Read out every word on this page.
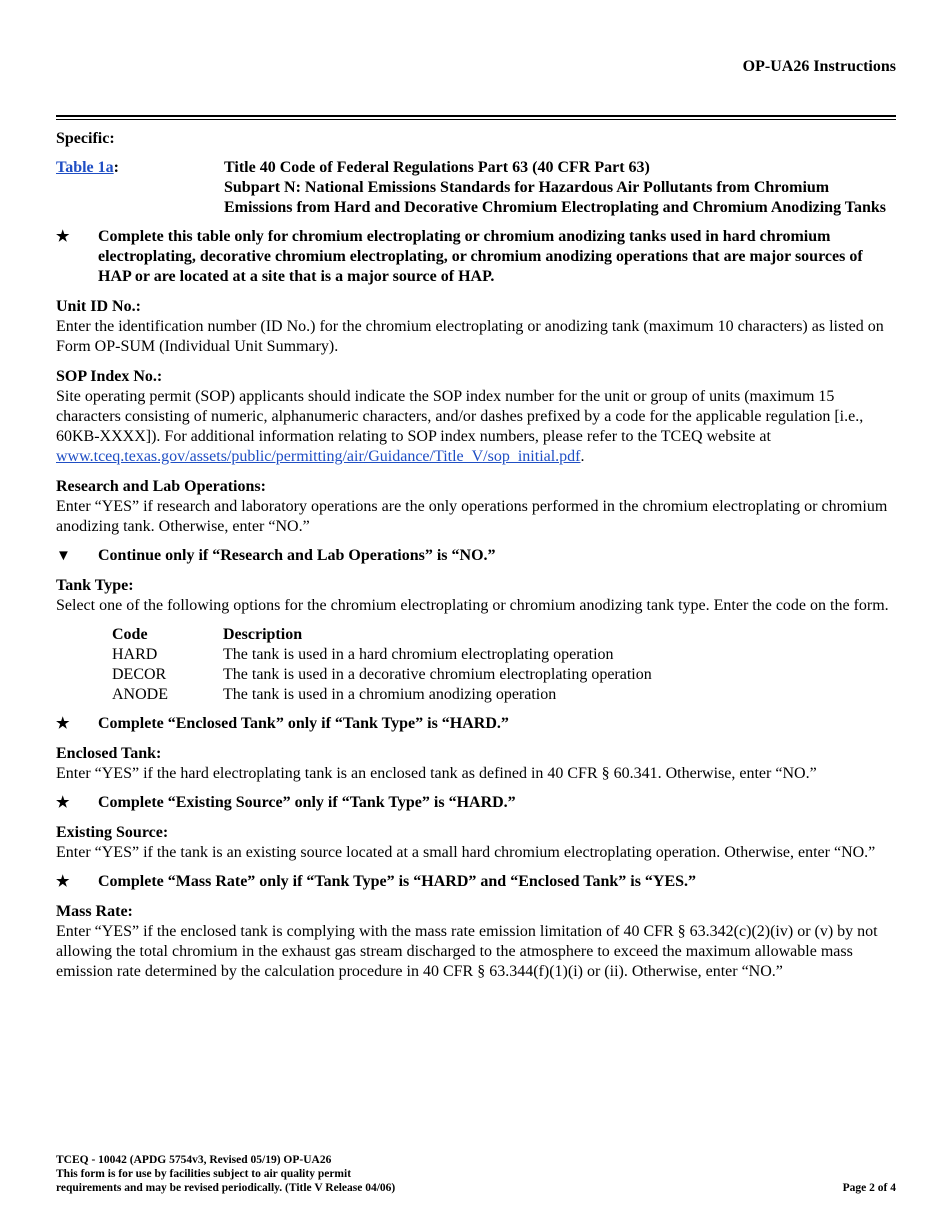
OP-UA26 Instructions
Specific:
Table 1a:	Title 40 Code of Federal Regulations Part 63 (40 CFR Part 63)
Subpart N: National Emissions Standards for Hazardous Air Pollutants from Chromium Emissions from Hard and Decorative Chromium Electroplating and Chromium Anodizing Tanks
★	Complete this table only for chromium electroplating or chromium anodizing tanks used in hard chromium electroplating, decorative chromium electroplating, or chromium anodizing operations that are major sources of HAP or are located at a site that is a major source of HAP.
Unit ID No.:
Enter the identification number (ID No.) for the chromium electroplating or anodizing tank (maximum 10 characters) as listed on Form OP-SUM (Individual Unit Summary).
SOP Index No.:
Site operating permit (SOP) applicants should indicate the SOP index number for the unit or group of units (maximum 15 characters consisting of numeric, alphanumeric characters, and/or dashes prefixed by a code for the applicable regulation [i.e., 60KB-XXXX]). For additional information relating to SOP index numbers, please refer to the TCEQ website at www.tceq.texas.gov/assets/public/permitting/air/Guidance/Title_V/sop_initial.pdf.
Research and Lab Operations:
Enter “YES” if research and laboratory operations are the only operations performed in the chromium electroplating or chromium anodizing tank. Otherwise, enter “NO.”
▼	Continue only if “Research and Lab Operations” is “NO.”
Tank Type:
Select one of the following options for the chromium electroplating or chromium anodizing tank type. Enter the code on the form.
Code	Description
HARD	The tank is used in a hard chromium electroplating operation
DECOR	The tank is used in a decorative chromium electroplating operation
ANODE	The tank is used in a chromium anodizing operation
★	Complete “Enclosed Tank” only if “Tank Type” is “HARD.”
Enclosed Tank:
Enter “YES” if the hard electroplating tank is an enclosed tank as defined in 40 CFR § 60.341. Otherwise, enter “NO.”
★	Complete “Existing Source” only if “Tank Type” is “HARD.”
Existing Source:
Enter “YES” if the tank is an existing source located at a small hard chromium electroplating operation. Otherwise, enter “NO.”
★	Complete “Mass Rate” only if “Tank Type” is “HARD” and “Enclosed Tank” is “YES.”
Mass Rate:
Enter “YES” if the enclosed tank is complying with the mass rate emission limitation of 40 CFR § 63.342(c)(2)(iv) or (v) by not allowing the total chromium in the exhaust gas stream discharged to the atmosphere to exceed the maximum allowable mass emission rate determined by the calculation procedure in 40 CFR § 63.344(f)(1)(i) or (ii). Otherwise, enter “NO.”
TCEQ - 10042 (APDG 5754v3, Revised 05/19) OP-UA26
This form is for use by facilities subject to air quality permit
requirements and may be revised periodically. (Title V Release 04/06)	Page 2 of 4
